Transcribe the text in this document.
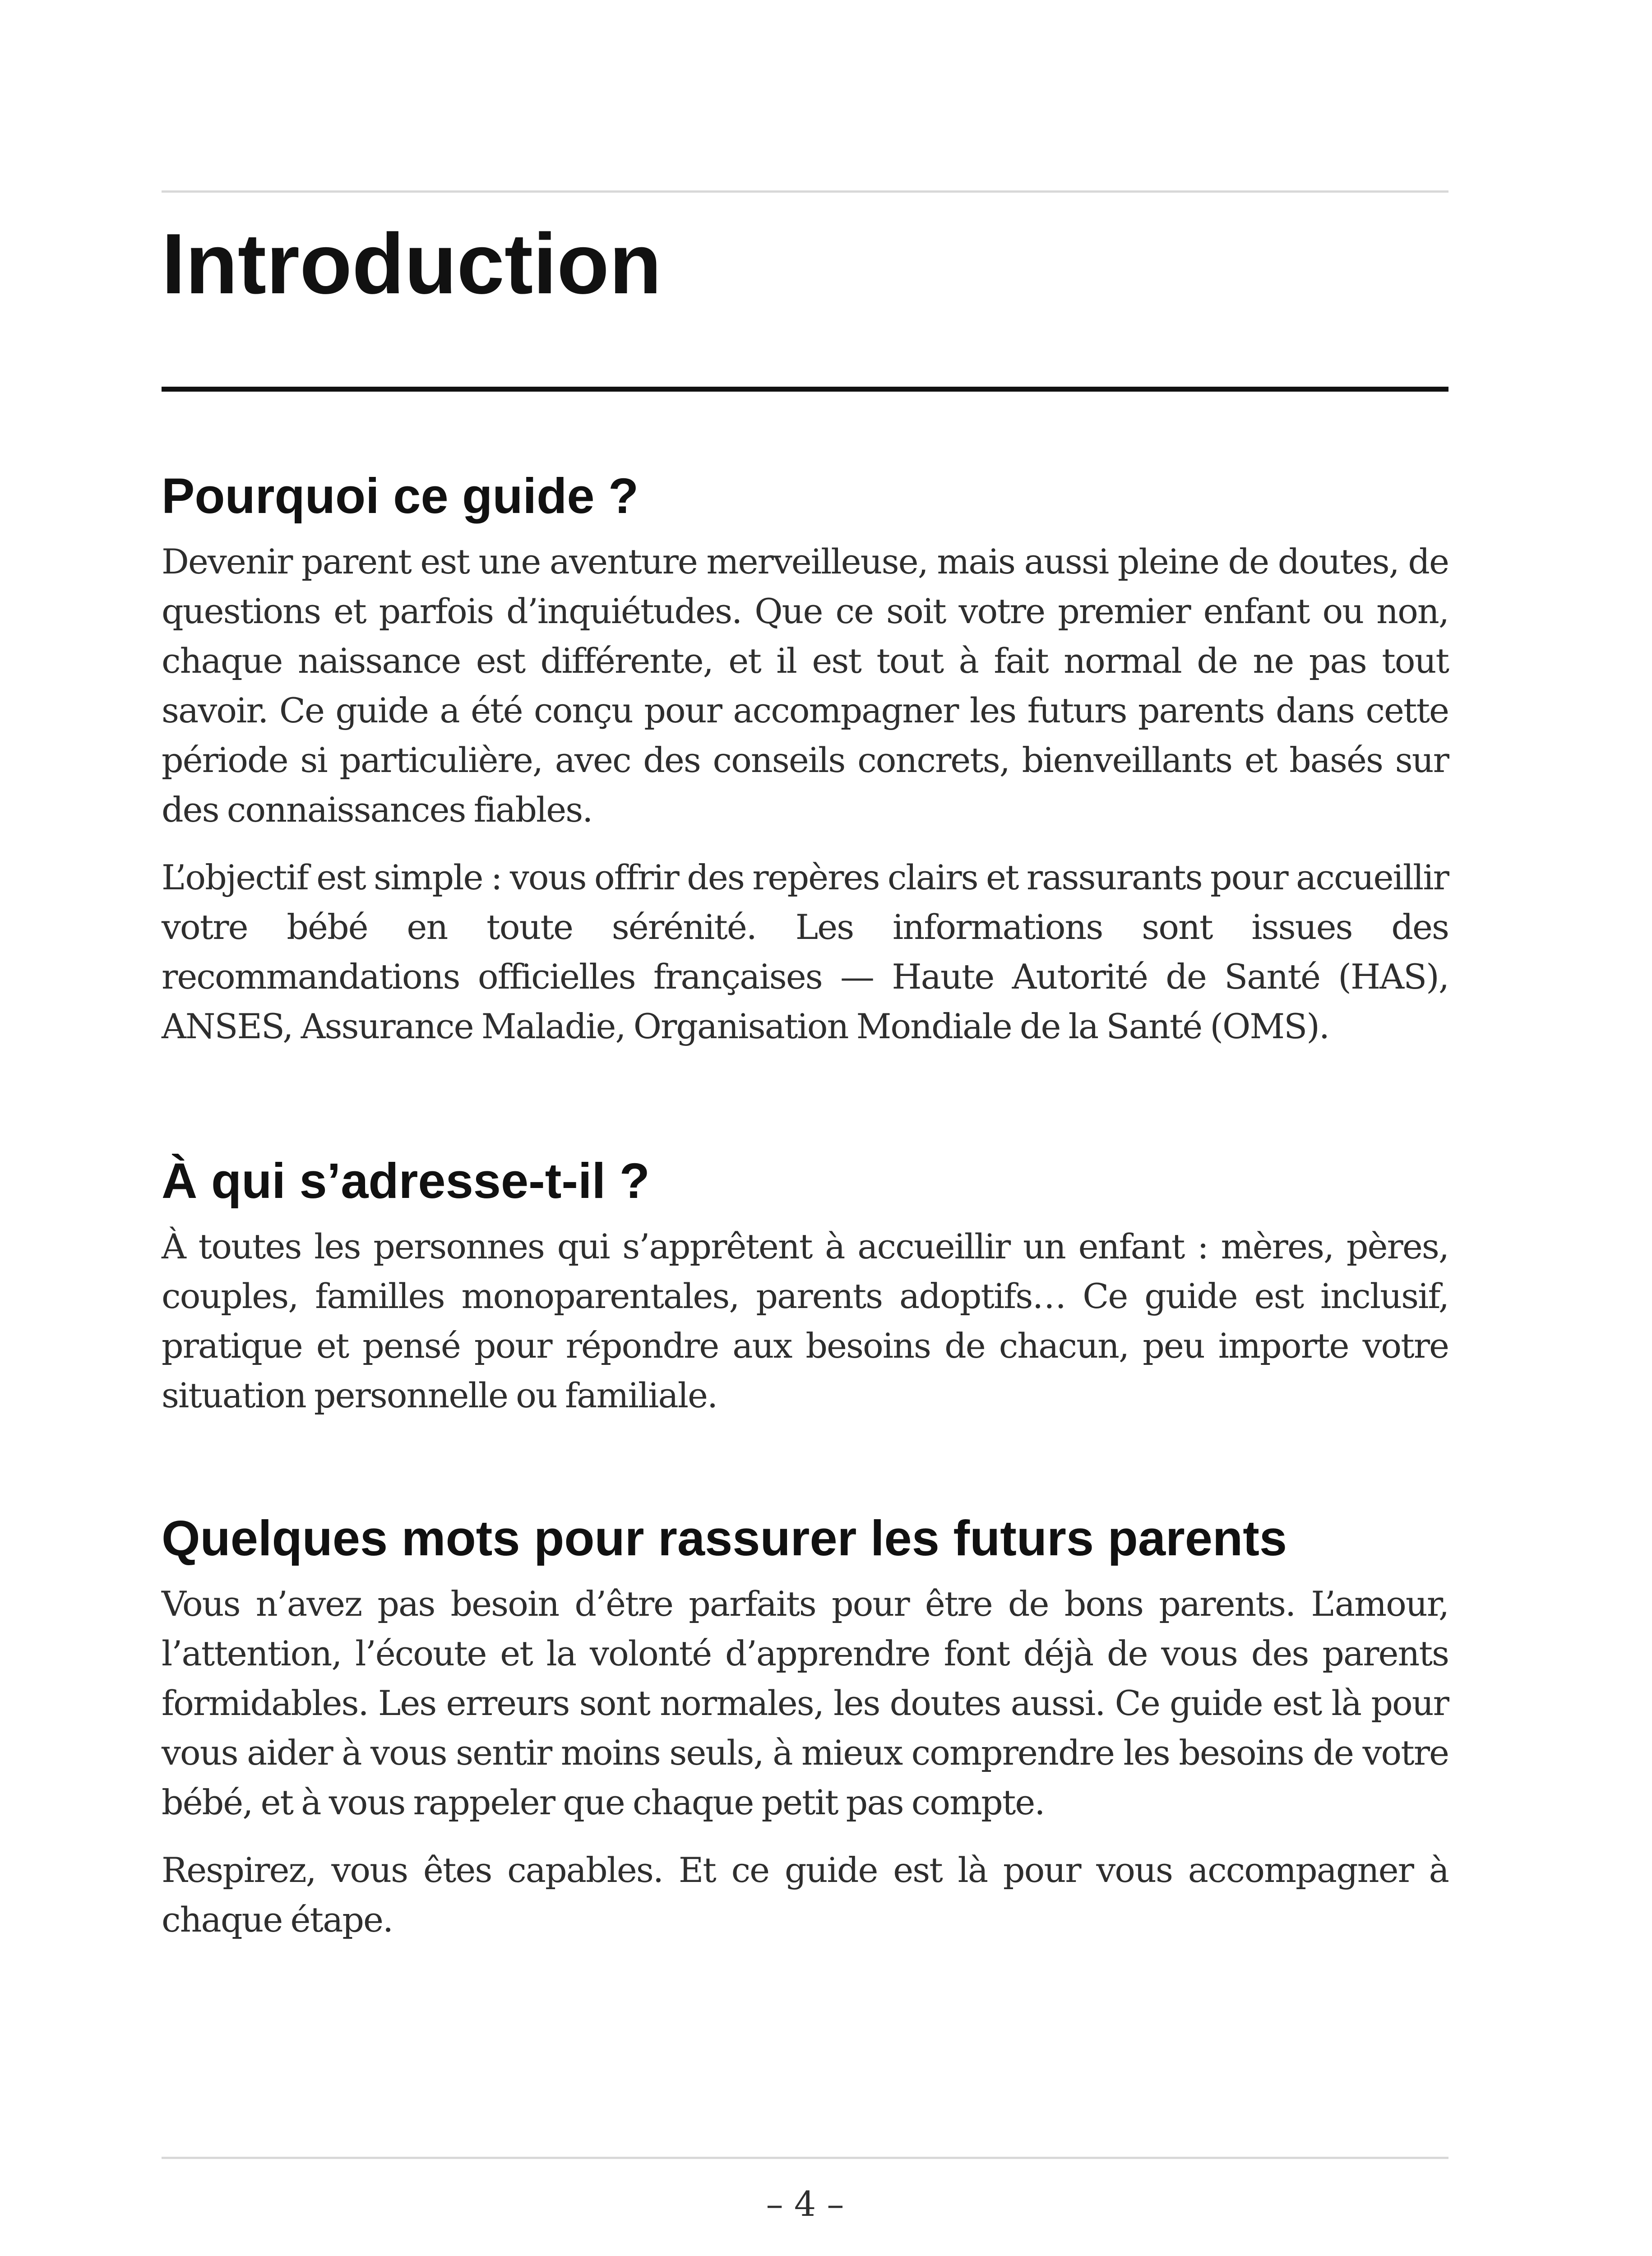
Introduction
Pourquoi ce guide ?

Devenir parent est une aventure merveilleuse, mais aussi pleine de doutes, de questions et parfois d’inquiétudes. Que ce soit votre premier enfant ou non, chaque naissance est différente, et il est tout à fait normal de ne pas tout savoir. Ce guide a été conçu pour accompagner les futurs parents dans cette période si particulière, avec des conseils concrets, bienveillants et basés sur des connaissances fiables.

L’objectif est simple : vous offrir des repères clairs et rassurants pour accueillir votre bébé en toute sérénité. Les informations sont issues des recommandations officielles françaises — Haute Autorité de Santé (HAS), ANSES, Assurance Maladie, Organisation Mondiale de la Santé (OMS).

À qui s’adresse-t-il ?

À toutes les personnes qui s’apprêtent à accueillir un enfant : mères, pères, couples, familles monoparentales, parents adoptifs… Ce guide est inclusif, pratique et pensé pour répondre aux besoins de chacun, peu importe votre situation personnelle ou familiale.

Quelques mots pour rassurer les futurs parents

Vous n’avez pas besoin d’être parfaits pour être de bons parents. L’amour, l’attention, l’écoute et la volonté d’apprendre font déjà de vous des parents formidables. Les erreurs sont normales, les doutes aussi. Ce guide est là pour vous aider à vous sentir moins seuls, à mieux comprendre les besoins de votre bébé, et à vous rappeler que chaque petit pas compte.

Respirez, vous êtes capables. Et ce guide est là pour vous accompagner à chaque étape.

– 4 –
